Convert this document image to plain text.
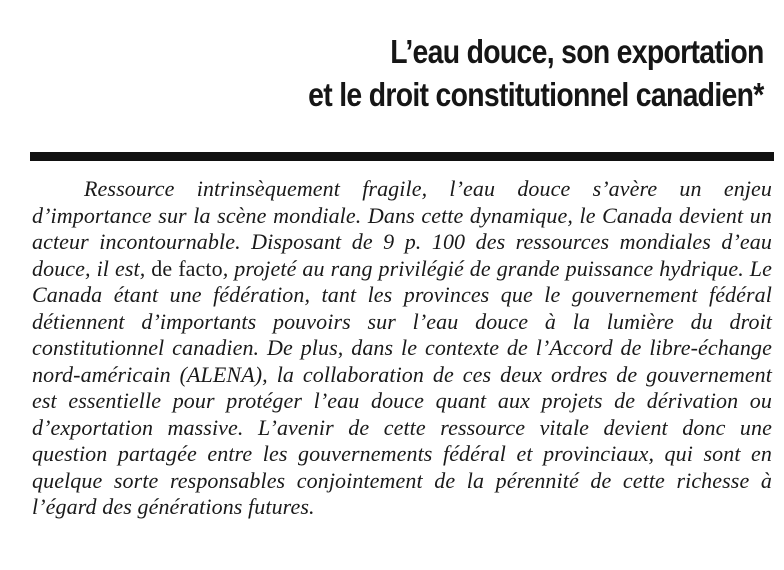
L’eau douce, son exportation
et le droit constitutionnel canadien*

Ressource intrinsèquement fragile, l’eau douce s’avère un enjeu d’importance sur la scène mondiale. Dans cette dynamique, le Canada devient un acteur incontournable. Disposant de 9 p. 100 des ressources mondiales d’eau douce, il est, de facto, projeté au rang privilégié de grande puissance hydrique. Le Canada étant une fédération, tant les provinces que le gouvernement fédéral détiennent d’importants pouvoirs sur l’eau douce à la lumière du droit constitutionnel canadien. De plus, dans le contexte de l’Accord de libre-échange nord-américain (ALENA), la collaboration de ces deux ordres de gouvernement est essentielle pour protéger l’eau douce quant aux projets de dérivation ou d’exportation massive. L’avenir de cette ressource vitale devient donc une question partagée entre les gouvernements fédéral et provinciaux, qui sont en quelque sorte responsables conjointement de la pérennité de cette richesse à l’égard des générations futures.
